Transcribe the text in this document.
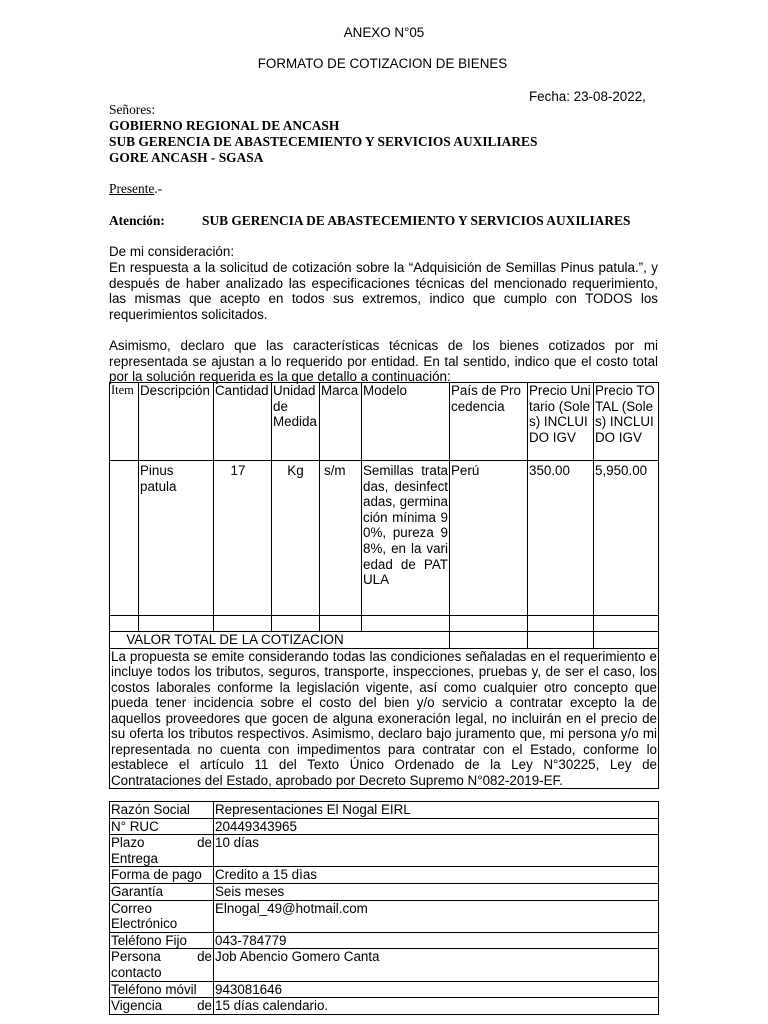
ANEXO N°05
FORMATO DE COTIZACION DE BIENES
Fecha: 23-08-2022,
Señores:
GOBIERNO REGIONAL DE ANCASH
SUB GERENCIA DE ABASTECEMIENTO Y SERVICIOS AUXILIARES
GORE ANCASH - SGASA
Presente.-
Atención:	SUB GERENCIA DE ABASTECEMIENTO Y SERVICIOS AUXILIARES
De mi consideración:
En respuesta a la solicitud de cotización sobre la “Adquisición de Semillas Pinus patula.”, y después de haber analizado las especificaciones técnicas del mencionado requerimiento, las mismas que acepto en todos sus extremos, indico que cumplo con TODOS los requerimientos solicitados.
Asimismo, declaro que las características técnicas de los bienes cotizados por mi representada se ajustan a lo requerido por entidad. En tal sentido, indico que el costo total por la solución requerida es la que detallo a continuación:
Item	Descripción	Cantidad	Unidad de Medida	Marca	Modelo	País de Procedencia	Precio Unitario (Soles) INCLUIDO IGV	Precio TOTAL (Soles) INCLUIDO IGV
	Pinus patula	17	Kg	s/m	Semillas tratadas, desinfectadas, germinación mínima 90%, pureza 98%, en la variedad de PATULA	Perú	350.00	5,950.00

VALOR TOTAL DE LA COTIZACION								
La propuesta se emite considerando todas las condiciones señaladas en el requerimiento e incluye todos los tributos, seguros, transporte, inspecciones, pruebas y, de ser el caso, los costos laborales conforme la legislación vigente, así como cualquier otro concepto que pueda tener incidencia sobre el costo del bien y/o servicio a contratar excepto la de aquellos proveedores que gocen de alguna exoneración legal, no incluirán en el precio de su oferta los tributos respectivos. Asimismo, declaro bajo juramento que, mi persona y/o mi representada no cuenta con impedimentos para contratar con el Estado, conforme lo establece el artículo 11 del Texto Único Ordenado de la Ley N°30225, Ley de Contrataciones del Estado, aprobado por Decreto Supremo N°082-2019-EF.								
Razón Social	Representaciones El Nogal EIRL
N° RUC	20449343965
Plazo de Entrega	10 días
Forma de pago	Credito a 15 dìas
Garantía	Seis meses
Correo Electrónico	Elnogal_49@hotmail.com
Teléfono Fijo	043-784779
Persona de contacto	Job Abencio Gomero Canta
Teléfono móvil	943081646
Vigencia de	15 días calendario.
